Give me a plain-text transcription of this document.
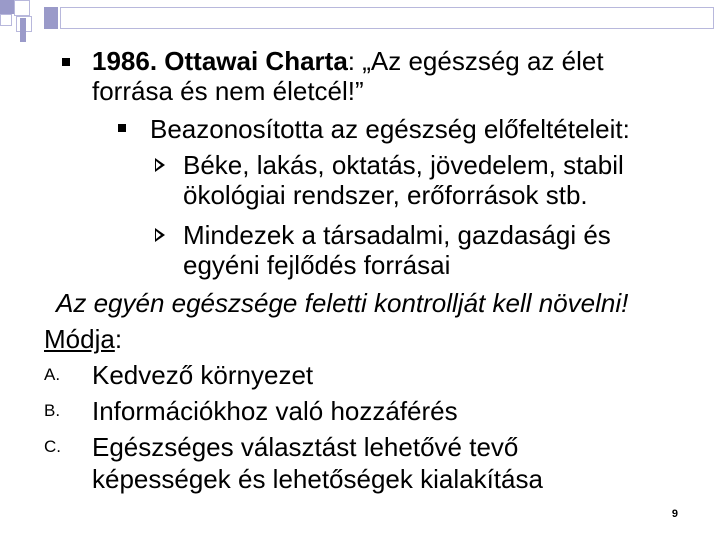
1986. Ottawai Charta: „Az egészség az élet
forrása és nem életcél!”
Beazonosította az egészség előfeltételeit:
Béke, lakás, oktatás, jövedelem, stabil
ökológiai rendszer, erőforrások stb.
Mindezek a társadalmi, gazdasági és
egyéni fejlődés forrásai
Az egyén egészsége feletti kontrollját kell növelni!
Módja:
A. Kedvező környezet
B. Információkhoz való hozzáférés
C. Egészséges választást lehetővé tevő
képességek és lehetőségek kialakítása
9
